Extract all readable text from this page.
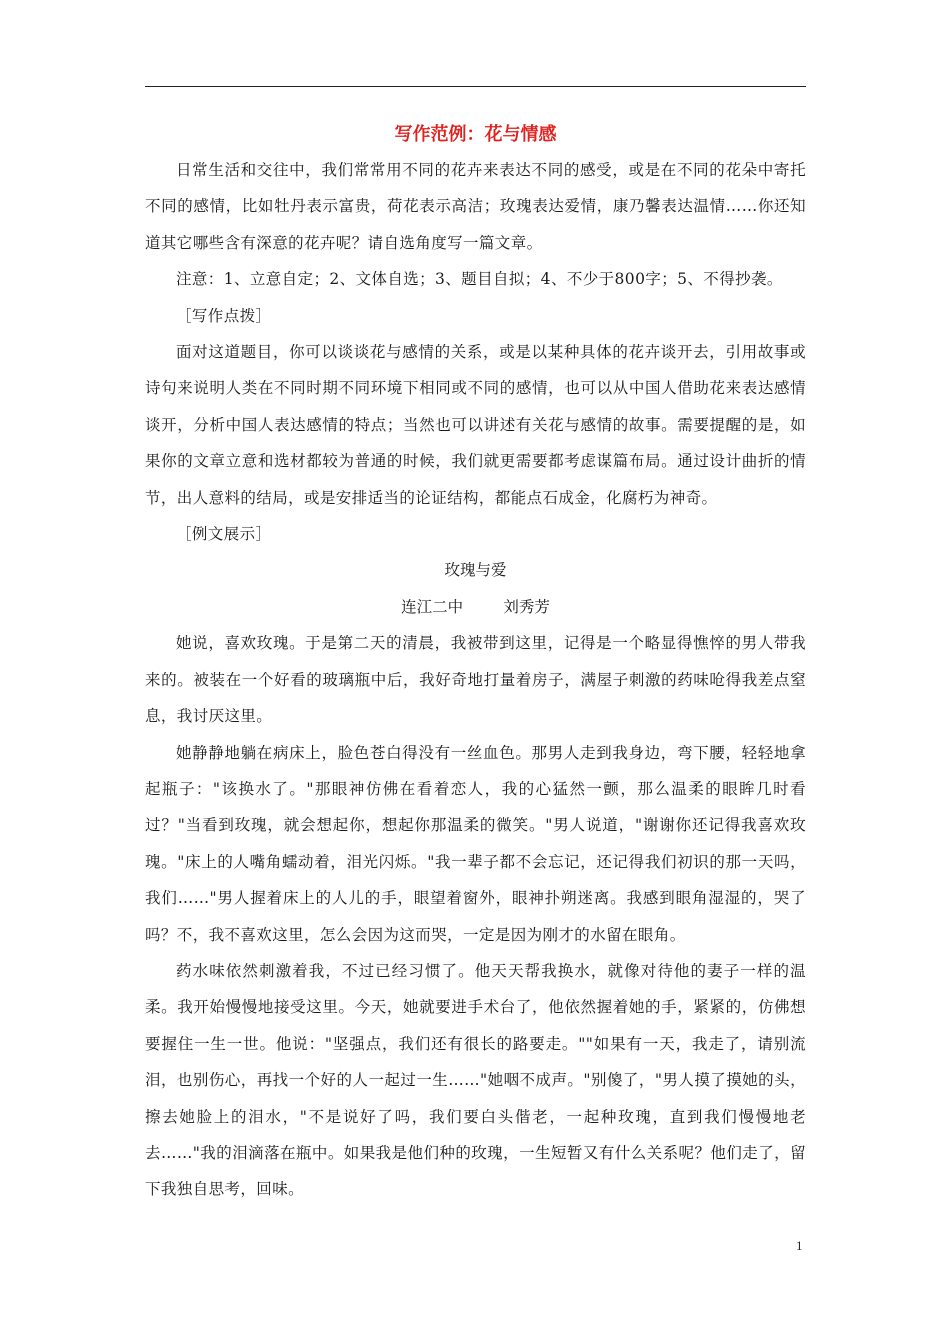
写作范例：花与情感

日常生活和交往中，我们常常用不同的花卉来表达不同的感受，或是在不同的花朵中寄托不同的感情，比如牡丹表示富贵，荷花表示高洁；玫瑰表达爱情，康乃馨表达温情……你还知道其它哪些含有深意的花卉呢？请自选角度写一篇文章。

注意：1、立意自定；2、文体自选；3、题目自拟；4、不少于800字；5、不得抄袭。

［写作点拨］

面对这道题目，你可以谈谈花与感情的关系，或是以某种具体的花卉谈开去，引用故事或诗句来说明人类在不同时期不同环境下相同或不同的感情，也可以从中国人借助花来表达感情谈开，分析中国人表达感情的特点；当然也可以讲述有关花与感情的故事。需要提醒的是，如果你的文章立意和选材都较为普通的时候，我们就更需要都考虑谋篇布局。通过设计曲折的情节，出人意料的结局，或是安排适当的论证结构，都能点石成金，化腐朽为神奇。

［例文展示］

玫瑰与爱

连江二中	刘秀芳

她说，喜欢玫瑰。于是第二天的清晨，我被带到这里，记得是一个略显得憔悴的男人带我来的。被装在一个好看的玻璃瓶中后，我好奇地打量着房子，满屋子刺激的药味呛得我差点窒息，我讨厌这里。

她静静地躺在病床上，脸色苍白得没有一丝血色。那男人走到我身边，弯下腰，轻轻地拿起瓶子："该换水了。"那眼神仿佛在看着恋人，我的心猛然一颤，那么温柔的眼眸几时看过？"当看到玫瑰，就会想起你，想起你那温柔的微笑。"男人说道，"谢谢你还记得我喜欢玫瑰。"床上的人嘴角蠕动着，泪光闪烁。"我一辈子都不会忘记，还记得我们初识的那一天吗，我们……"男人握着床上的人儿的手，眼望着窗外，眼神扑朔迷离。我感到眼角湿湿的，哭了吗？不，我不喜欢这里，怎么会因为这而哭，一定是因为刚才的水留在眼角。

药水味依然刺激着我，不过已经习惯了。他天天帮我换水，就像对待他的妻子一样的温柔。我开始慢慢地接受这里。今天，她就要进手术台了，他依然握着她的手，紧紧的，仿佛想要握住一生一世。他说："坚强点，我们还有很长的路要走。""如果有一天，我走了，请别流泪，也别伤心，再找一个好的人一起过一生……"她咽不成声。"别傻了，"男人摸了摸她的头，擦去她脸上的泪水，"不是说好了吗，我们要白头偕老，一起种玫瑰，直到我们慢慢地老去……"我的泪滴落在瓶中。如果我是他们种的玫瑰，一生短暂又有什么关系呢？他们走了，留下我独自思考，回味。

1
